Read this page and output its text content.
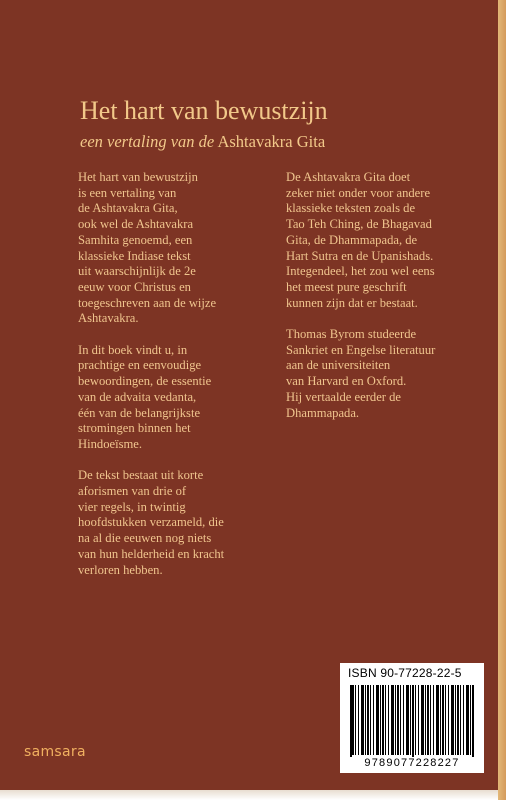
Het hart van bewustzijn
een vertaling van de Ashtavakra Gita

Het hart van bewustzijn
is een vertaling van
de Ashtavakra Gita,
ook wel de Ashtavakra
Samhita genoemd, een
klassieke Indiase tekst
uit waarschijnlijk de 2e
eeuw voor Christus en
toegeschreven aan de wijze
Ashtavakra.

In dit boek vindt u, in
prachtige en eenvoudige
bewoordingen, de essentie
van de advaita vedanta,
één van de belangrijkste
stromingen binnen het
Hindoeïsme.

De tekst bestaat uit korte
aforismen van drie of
vier regels, in twintig
hoofdstukken verzameld, die
na al die eeuwen nog niets
van hun helderheid en kracht
verloren hebben.

De Ashtavakra Gita doet
zeker niet onder voor andere
klassieke teksten zoals de
Tao Teh Ching, de Bhagavad
Gita, de Dhammapada, de
Hart Sutra en de Upanishads.
Integendeel, het zou wel eens
het meest pure geschrift
kunnen zijn dat er bestaat.

Thomas Byrom studeerde
Sankriet en Engelse literatuur
aan de universiteiten
van Harvard en Oxford.
Hij vertaalde eerder de
Dhammapada.

ISBN 90-77228-22-5
9789077228227
samsara
